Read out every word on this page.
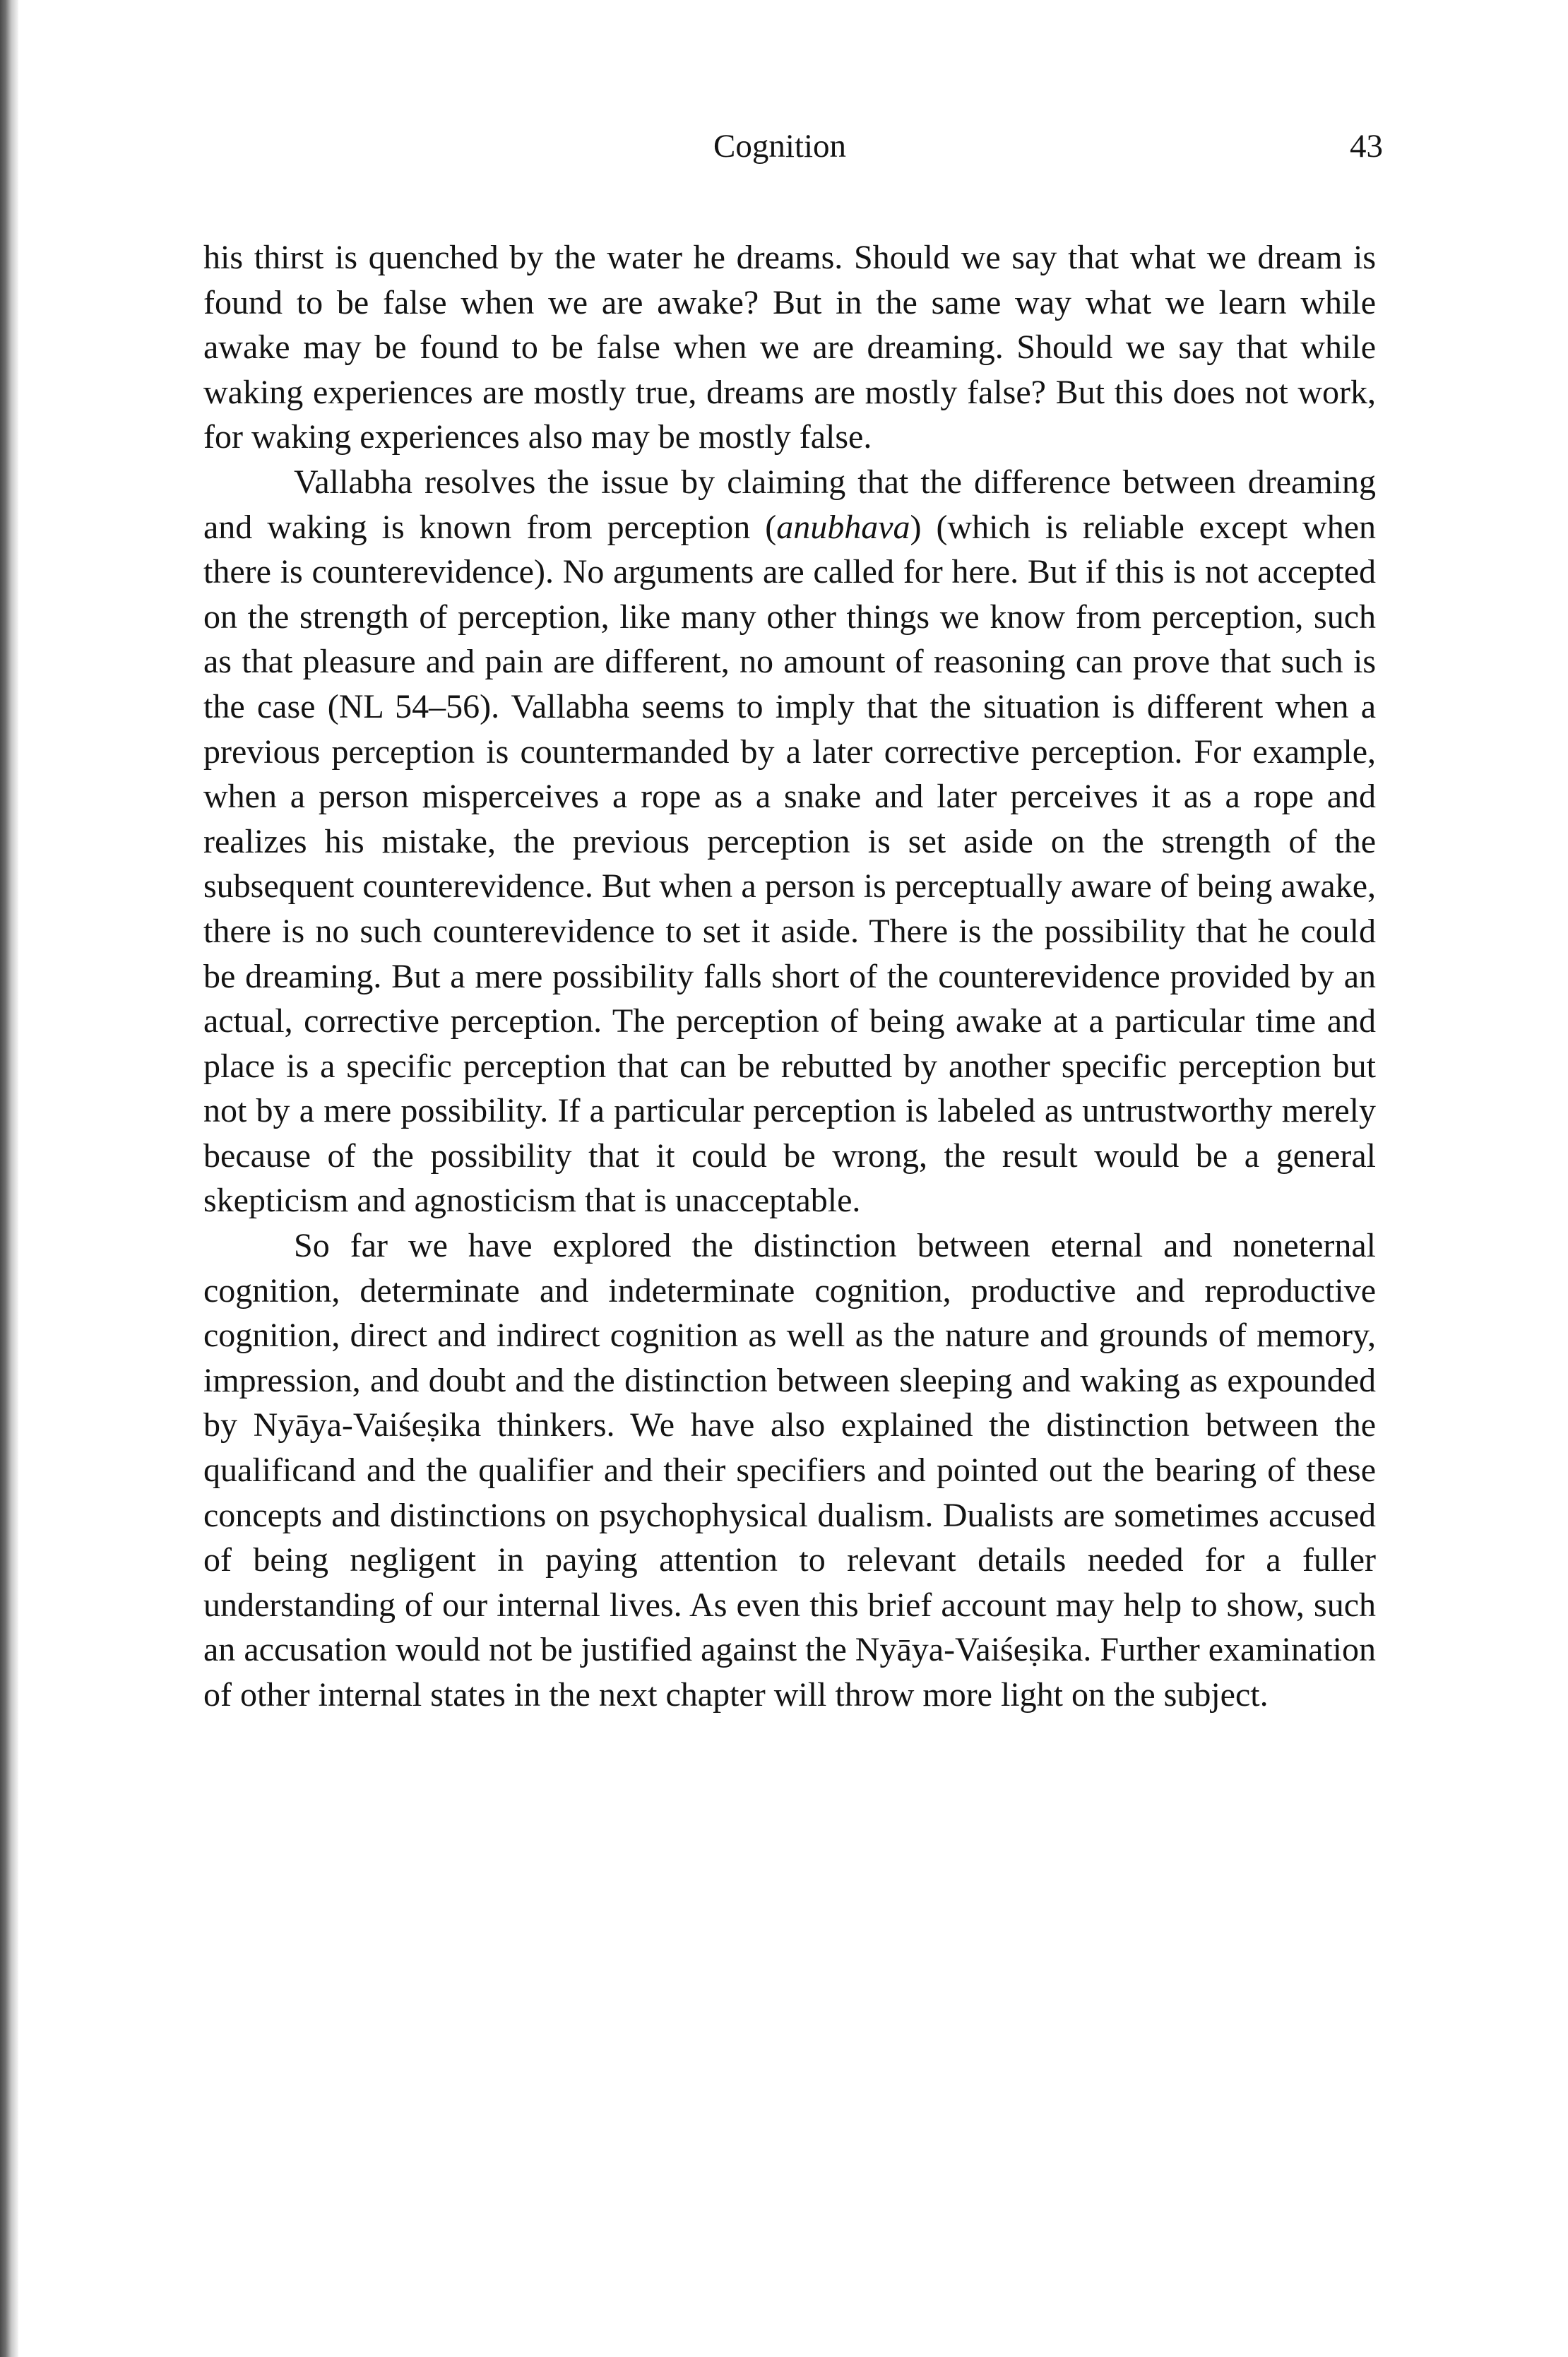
Cognition	43

his thirst is quenched by the water he dreams. Should we say that what we dream is found to be false when we are awake? But in the same way what we learn while awake may be found to be false when we are dreaming. Should we say that while waking experiences are mostly true, dreams are mostly false? But this does not work, for waking experiences also may be mostly false.

Vallabha resolves the issue by claiming that the difference between dreaming and waking is known from perception (anubhava) (which is reliable except when there is counterevidence). No arguments are called for here. But if this is not accepted on the strength of perception, like many other things we know from perception, such as that pleasure and pain are different, no amount of reasoning can prove that such is the case (NL 54–56). Vallabha seems to imply that the situation is different when a previous perception is countermanded by a later corrective perception. For example, when a person misperceives a rope as a snake and later perceives it as a rope and realizes his mistake, the previous perception is set aside on the strength of the subsequent counterevidence. But when a person is perceptually aware of being awake, there is no such counterevidence to set it aside. There is the possibility that he could be dreaming. But a mere possibility falls short of the counterevidence provided by an actual, corrective perception. The perception of being awake at a particular time and place is a specific perception that can be rebutted by another specific perception but not by a mere possibility. If a particular perception is labeled as untrustworthy merely because of the possibility that it could be wrong, the result would be a general skepticism and agnosticism that is unacceptable.

So far we have explored the distinction between eternal and noneternal cognition, determinate and indeterminate cognition, productive and reproductive cognition, direct and indirect cognition as well as the nature and grounds of memory, impression, and doubt and the distinction between sleeping and waking as expounded by Nyāya-Vaiśeṣika thinkers. We have also explained the distinction between the qualificand and the qualifier and their specifiers and pointed out the bearing of these concepts and distinctions on psychophysical dualism. Dualists are sometimes accused of being negligent in paying attention to relevant details needed for a fuller understanding of our internal lives. As even this brief account may help to show, such an accusation would not be justified against the Nyāya-Vaiśeṣika. Further examination of other internal states in the next chapter will throw more light on the subject.
